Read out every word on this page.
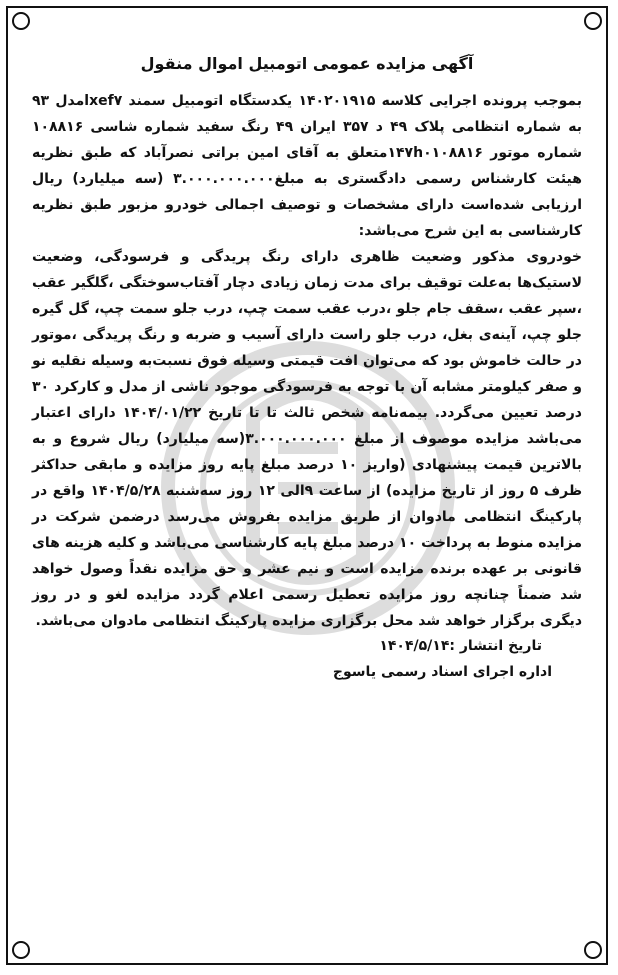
آگهی مزایده عمومی اتومبیل اموال منقول

بموجب پرونده اجرایی کلاسه ۱۴۰۲۰۱۹۱۵ یکدستگاه اتومبیل سمند lxef۷مدل ۹۳ به شماره انتظامی پلاک ۴۹ د ۳۵۷ ایران ۴۹ رنگ سفید شماره شاسی ۱۰۸۸۱۶ شماره موتور ۱۴۷h۰۱۰۸۸۱۶متعلق به آقای امین براتی نصرآباد که طبق نظریه هیئت کارشناس رسمی دادگستری به مبلغ۳.۰۰۰.۰۰۰.۰۰۰ (سه میلیارد) ریال ارزیابی شده‌است دارای مشخصات و توصیف اجمالی خودرو مزبور طبق نظریه کارشناسی به این شرح می‌باشد:

خودروی مذکور وضعیت ظاهری دارای رنگ پریدگی و فرسودگی، وضعیت لاستیک‌ها به‌علت توقیف برای مدت زمان زیادی دچار آفتاب‌سوختگی ،گلگیر عقب ،سپر عقب ،سقف جام جلو ،درب عقب سمت چپ، درب جلو سمت چپ، گل گیره جلو چپ، آینه‌ی بغل، درب جلو راست دارای آسیب و ضربه و رنگ پریدگی ،موتور در حالت خاموش بود که می‌توان افت قیمتی وسیله فوق نسبت‌به وسیله نقلیه نو و صفر کیلومتر مشابه آن با توجه به فرسودگی موجود ناشی از مدل و کارکرد ۳۰ درصد تعیین می‌گردد. بیمه‌نامه شخص ثالث تا تا تاریخ ۱۴۰۴/۰۱/۲۲ دارای اعتبار می‌باشد مزایده موصوف از مبلغ ۳.۰۰۰.۰۰۰.۰۰۰(سه میلیارد) ریال شروع و به بالاترین قیمت پیشنهادی (واریز ۱۰ درصد مبلغ پایه روز مزایده و مابقی حداکثر ظرف ۵ روز از تاریخ مزایده) از ساعت ۹الی ۱۲ روز سه‌شنبه ۱۴۰۴/۵/۲۸ واقع در پارکینگ انتظامی مادوان از طریق مزایده بفروش می‌رسد درضمن شرکت در مزایده منوط به پرداخت ۱۰ درصد مبلغ پایه کارشناسی می‌باشد و کلیه هزینه های قانونی بر عهده برنده مزایده است و نیم عشر و حق مزایده نقداً وصول خواهد شد ضمناً چنانچه روز مزایده تعطیل رسمی اعلام گردد مزایده لغو و در روز دیگری برگزار خواهد شد محل برگزاری مزایده پارکینگ انتظامی مادوان می‌باشد.

تاریخ انتشار :۱۴۰۴/۵/۱۴
اداره اجرای اسناد رسمی یاسوج
